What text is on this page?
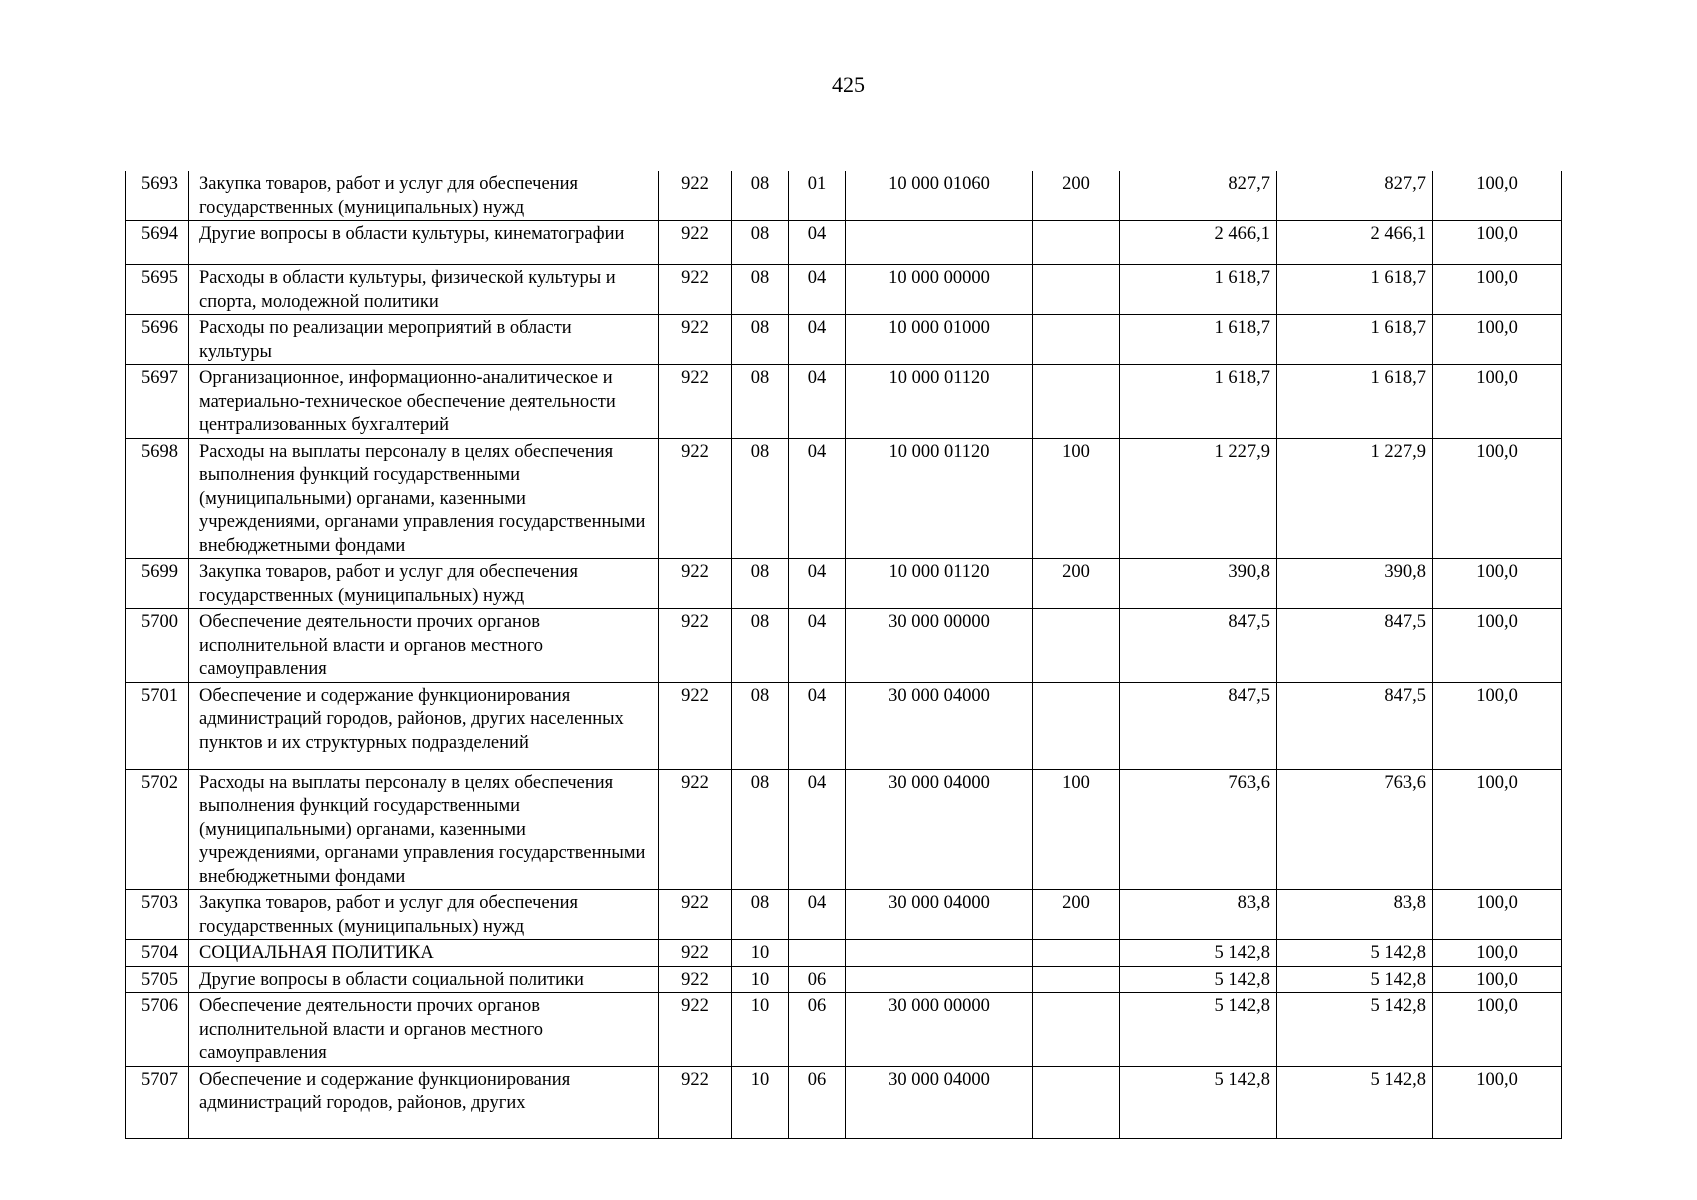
425
5693	Закупка товаров, работ и услуг для обеспечения государственных (муниципальных) нужд	922	08	01	10 000 01060	200	827,7	827,7	100,0
5694	Другие вопросы в области культуры, кинематографии	922	08	04			2 466,1	2 466,1	100,0
5695	Расходы в области культуры, физической культуры и спорта, молодежной политики	922	08	04	10 000 00000		1 618,7	1 618,7	100,0
5696	Расходы по реализации мероприятий в области культуры	922	08	04	10 000 01000		1 618,7	1 618,7	100,0
5697	Организационное, информационно-аналитическое и материально-техническое обеспечение деятельности централизованных бухгалтерий	922	08	04	10 000 01120		1 618,7	1 618,7	100,0
5698	Расходы на выплаты персоналу в целях обеспечения выполнения функций государственными (муниципальными) органами, казенными учреждениями, органами управления государственными внебюджетными фондами	922	08	04	10 000 01120	100	1 227,9	1 227,9	100,0
5699	Закупка товаров, работ и услуг для обеспечения государственных (муниципальных) нужд	922	08	04	10 000 01120	200	390,8	390,8	100,0
5700	Обеспечение деятельности прочих органов исполнительной власти и органов местного самоуправления	922	08	04	30 000 00000		847,5	847,5	100,0
5701	Обеспечение и содержание функционирования администраций городов, районов, других населенных пунктов и их структурных подразделений	922	08	04	30 000 04000		847,5	847,5	100,0
5702	Расходы на выплаты персоналу в целях обеспечения выполнения функций государственными (муниципальными) органами, казенными учреждениями, органами управления государственными внебюджетными фондами	922	08	04	30 000 04000	100	763,6	763,6	100,0
5703	Закупка товаров, работ и услуг для обеспечения государственных (муниципальных) нужд	922	08	04	30 000 04000	200	83,8	83,8	100,0
5704	СОЦИАЛЬНАЯ ПОЛИТИКА	922	10				5 142,8	5 142,8	100,0
5705	Другие вопросы в области социальной политики	922	10	06			5 142,8	5 142,8	100,0
5706	Обеспечение деятельности прочих органов исполнительной власти и органов местного самоуправления	922	10	06	30 000 00000		5 142,8	5 142,8	100,0
5707	Обеспечение и содержание функционирования администраций городов, районов, других	922	10	06	30 000 04000		5 142,8	5 142,8	100,0
